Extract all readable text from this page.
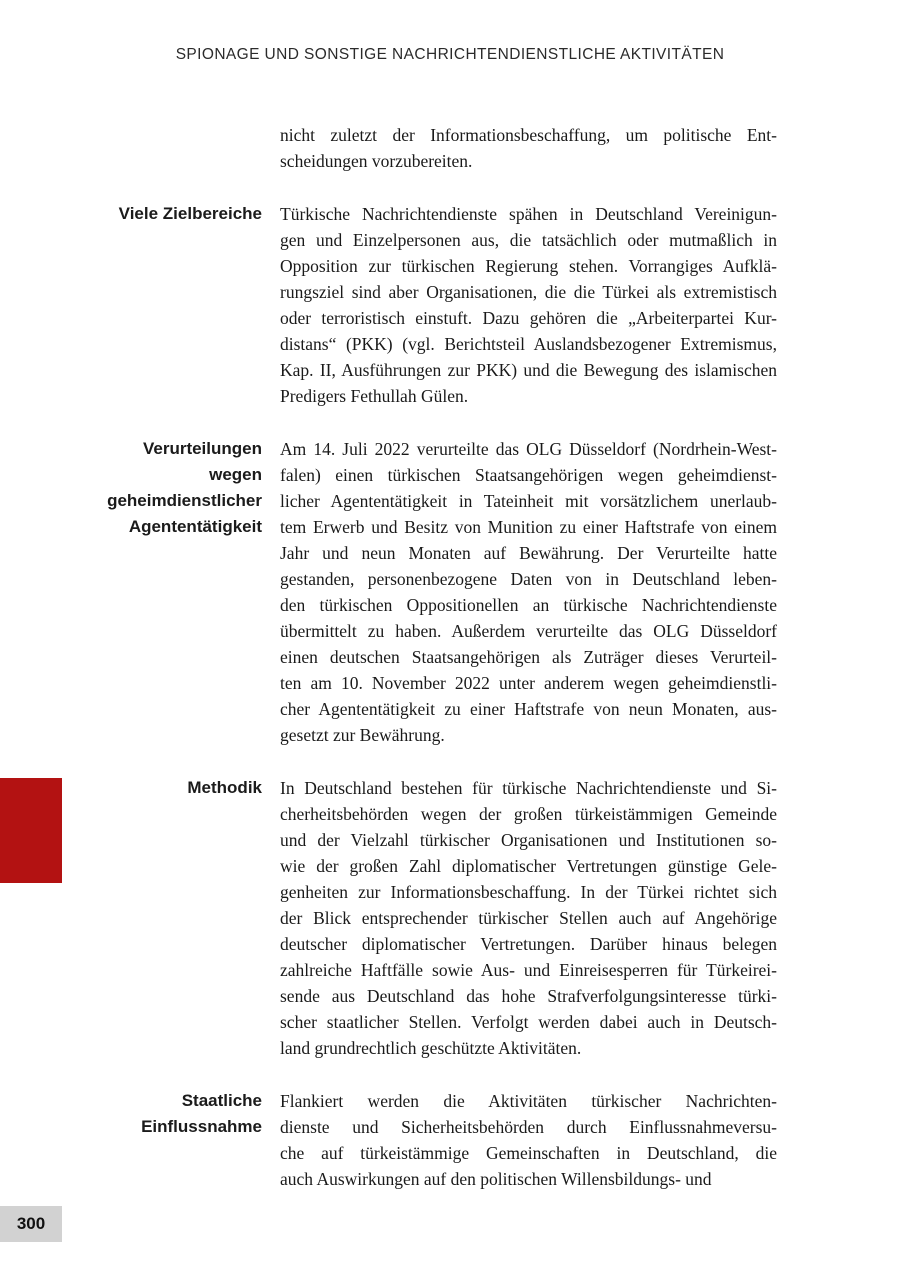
SPIONAGE UND SONSTIGE NACHRICHTENDIENSTLICHE AKTIVITÄTEN
nicht zuletzt der Informationsbeschaffung, um politische Ent-
scheidungen vorzubereiten.
Viele Zielbereiche Türkische Nachrichtendienste spähen in Deutschland Vereinigun-
gen und Einzelpersonen aus, die tatsächlich oder mutmaßlich in
Opposition zur türkischen Regierung stehen. Vorrangiges Aufklä-
rungsziel sind aber Organisationen, die die Türkei als extremistisch
oder terroristisch einstuft. Dazu gehören die „Arbeiterpartei Kur-
distans“ (PKK) (vgl. Berichtsteil Auslandsbezogener Extremismus,
Kap. II, Ausführungen zur PKK) und die Bewegung des islamischen
Predigers Fethullah Gülen.
Verurteilungen
wegen
geheimdienstlicher
Agententätigkeit
Am 14. Juli 2022 verurteilte das OLG Düsseldorf (Nordrhein-West-
falen) einen türkischen Staatsangehörigen wegen geheimdienst-
licher Agententätigkeit in Tateinheit mit vorsätzlichem unerlaub-
tem Erwerb und Besitz von Munition zu einer Haftstrafe von einem
Jahr und neun Monaten auf Bewährung. Der Verurteilte hatte
gestanden, personenbezogene Daten von in Deutschland leben-
den türkischen Oppositionellen an türkische Nachrichtendienste
übermittelt zu haben. Außerdem verurteilte das OLG Düsseldorf
einen deutschen Staatsangehörigen als Zuträger dieses Verurteil-
ten am 10. November 2022 unter anderem wegen geheimdienstli-
cher Agententätigkeit zu einer Haftstrafe von neun Monaten, aus-
gesetzt zur Bewährung.
Methodik In Deutschland bestehen für türkische Nachrichtendienste und Si-
cherheitsbehörden wegen der großen türkeistämmigen Gemeinde
und der Vielzahl türkischer Organisationen und Institutionen so-
wie der großen Zahl diplomatischer Vertretungen günstige Gele-
genheiten zur Informationsbeschaffung. In der Türkei richtet sich
der Blick entsprechender türkischer Stellen auch auf Angehörige
deutscher diplomatischer Vertretungen. Darüber hinaus belegen
zahlreiche Haftfälle sowie Aus- und Einreisesperren für Türkeirei-
sende aus Deutschland das hohe Strafverfolgungsinteresse türki-
scher staatlicher Stellen. Verfolgt werden dabei auch in Deutsch-
land grundrechtlich geschützte Aktivitäten.
Staatliche
Einflussnahme
Flankiert werden die Aktivitäten türkischer Nachrichten-
dienste und Sicherheitsbehörden durch Einflussnahmeversu-
che auf türkeistämmige Gemeinschaften in Deutschland, die
auch Auswirkungen auf den politischen Willensbildungs- und
300
